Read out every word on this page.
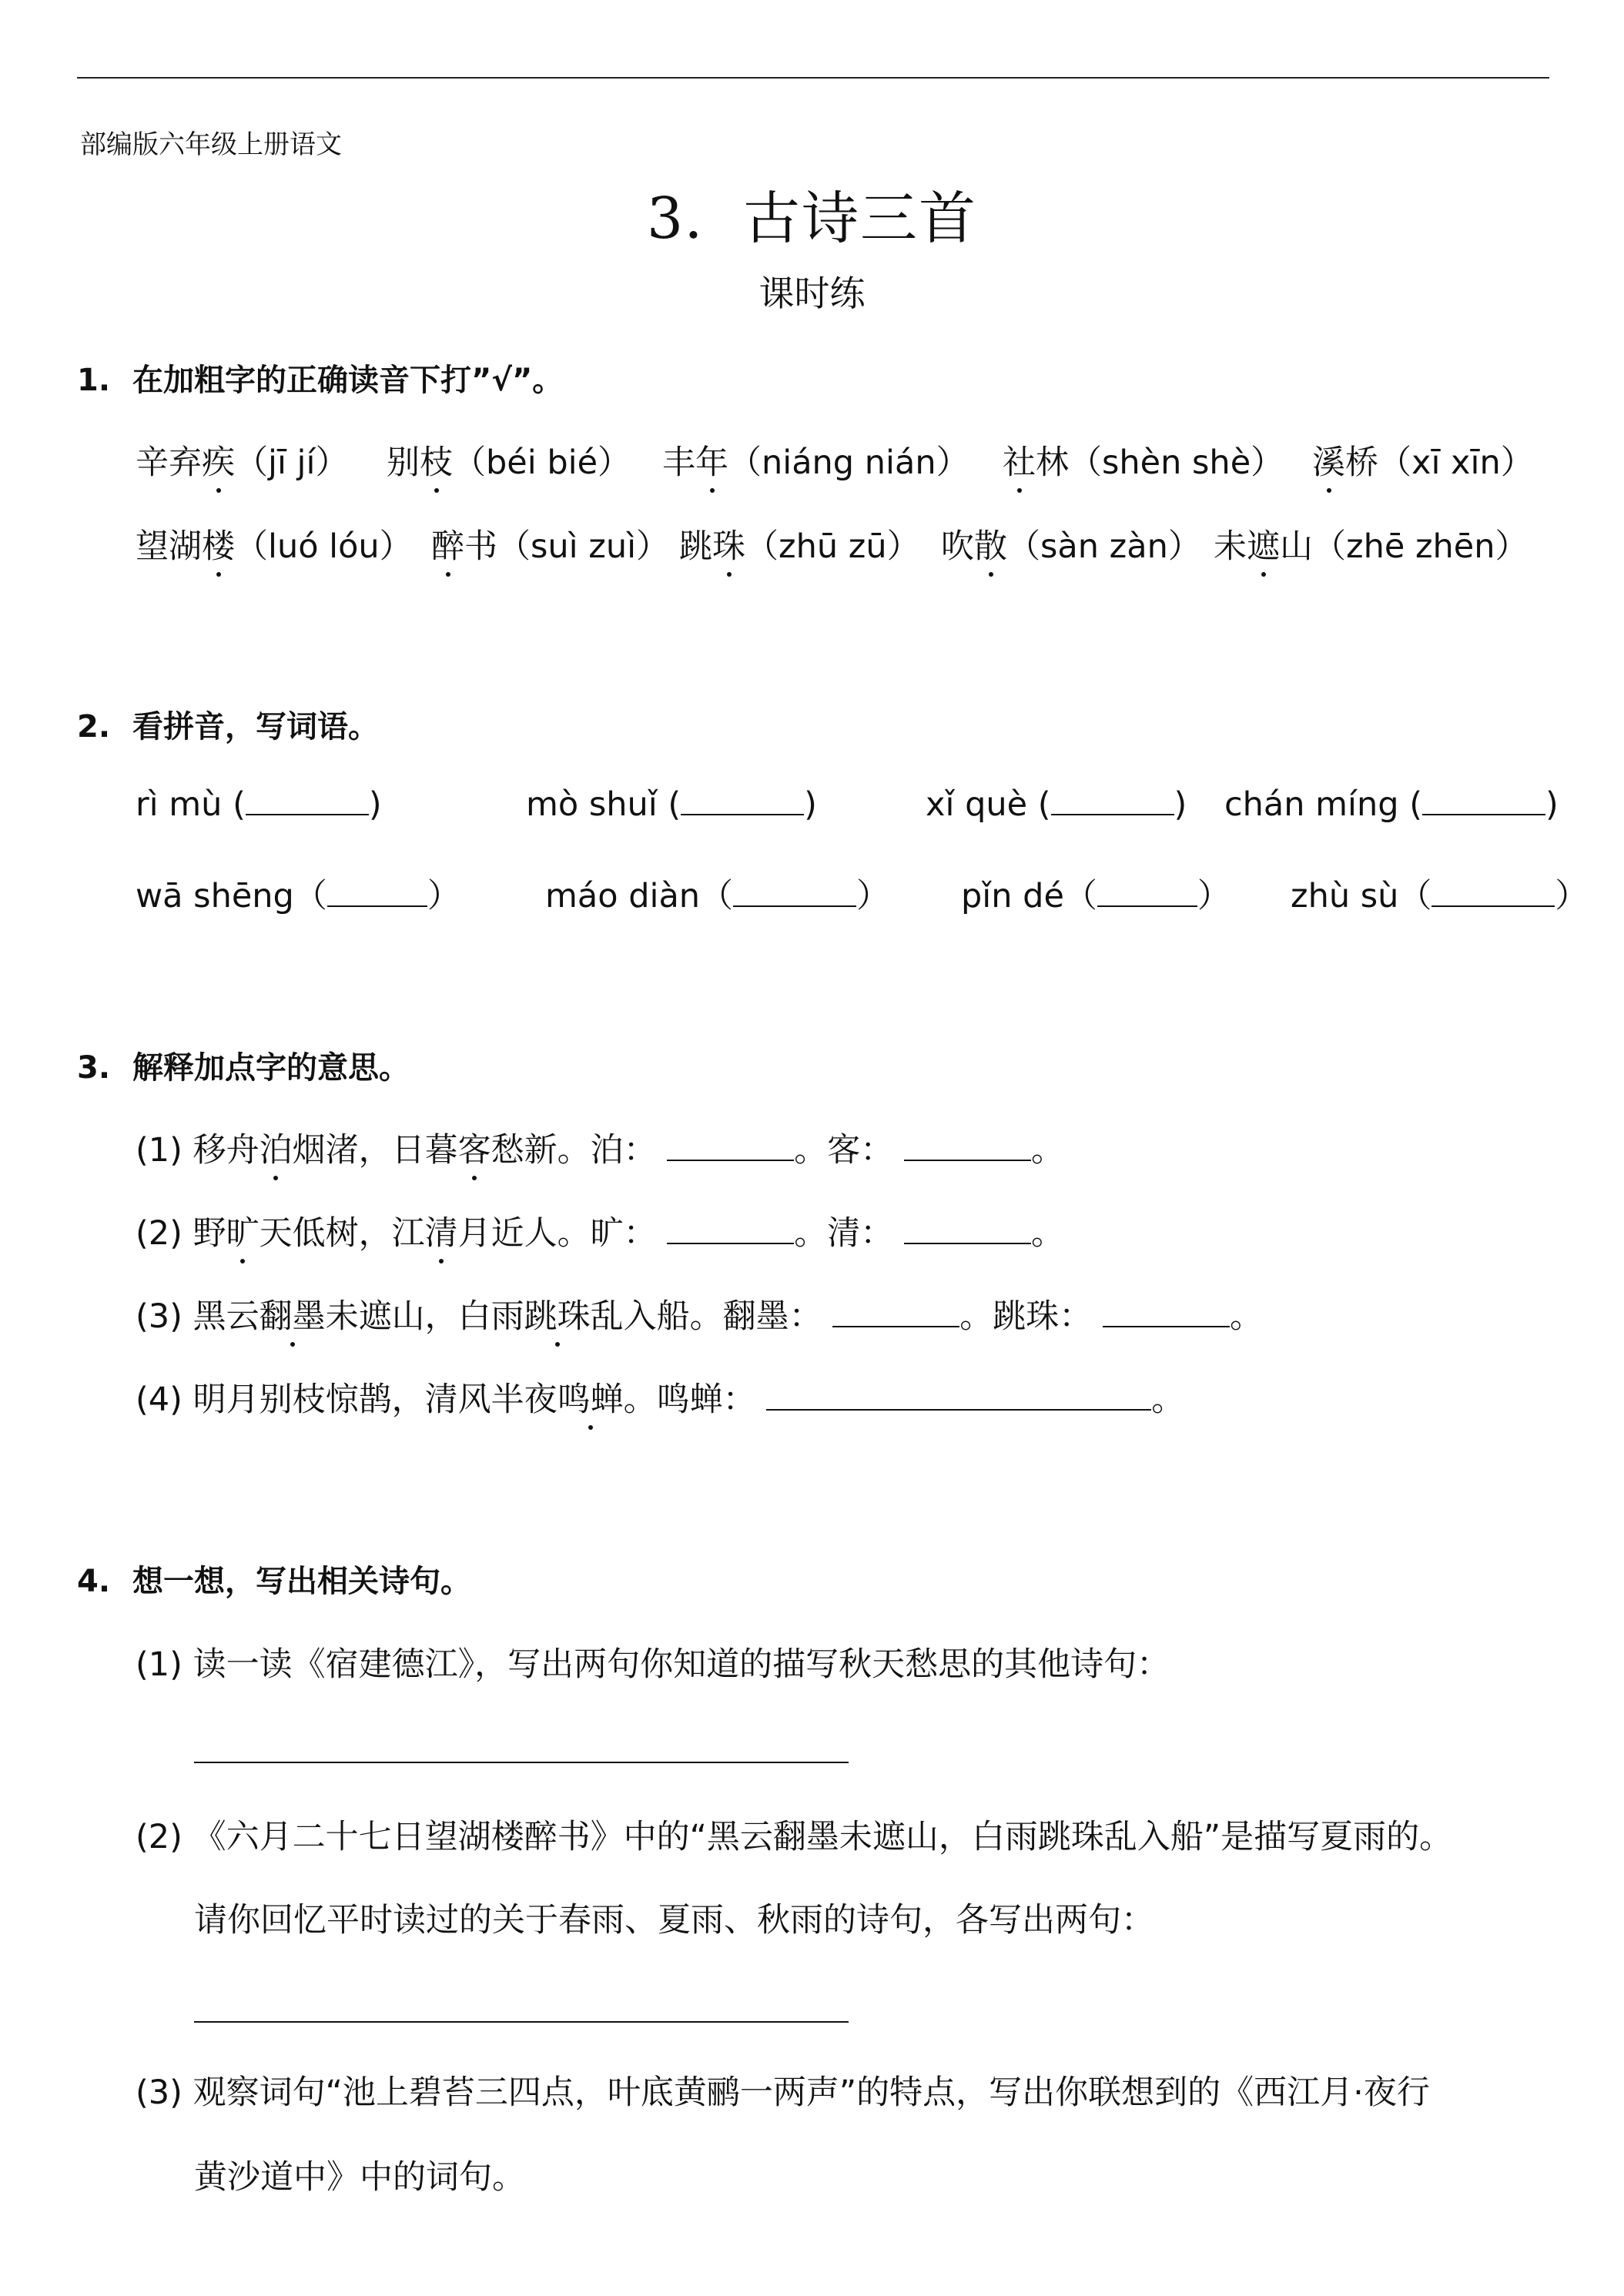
部编版六年级上册语文
3．古诗三首
课时练
1. 在加粗字的正确读音下打”√”。
辛弃疾（jī jí） 别枝（béi bié） 丰年（niáng nián） 社林（shèn shè） 溪桥（xī xīn）
望湖楼（luó lóu） 醉书（suì zuì） 跳珠（zhū zū） 吹散（sàn zàn） 未遮山（zhē zhēn）
2. 看拼音，写词语。
rì mù (	)	mò shuǐ (	)	xǐ què (	) chán míng (	)
wā shēng（	）	máo diàn（	） pǐn dé（	） zhù sù（	）
3. 解释加点字的意思。
(1) 移舟泊烟渚，日暮客愁新。泊：	。客：	。
(2) 野旷天低树，江清月近人。旷：	。清：	。
(3) 黑云翻墨未遮山，白雨跳珠乱入船。翻墨：	。跳珠：	。
(4) 明月别枝惊鹊，清风半夜鸣蝉。鸣蝉：	。
4. 想一想，写出相关诗句。
(1) 读一读《宿建德江》，写出两句你知道的描写秋天愁思的其他诗句：
(2) 《六月二十七日望湖楼醉书》中的“黑云翻墨未遮山，白雨跳珠乱入船”是描写夏雨的。
请你回忆平时读过的关于春雨、夏雨、秋雨的诗句，各写出两句：
(3) 观察词句“池上碧苔三四点，叶底黄鹂一两声”的特点，写出你联想到的《西江月·夜行
黄沙道中》中的词句。
